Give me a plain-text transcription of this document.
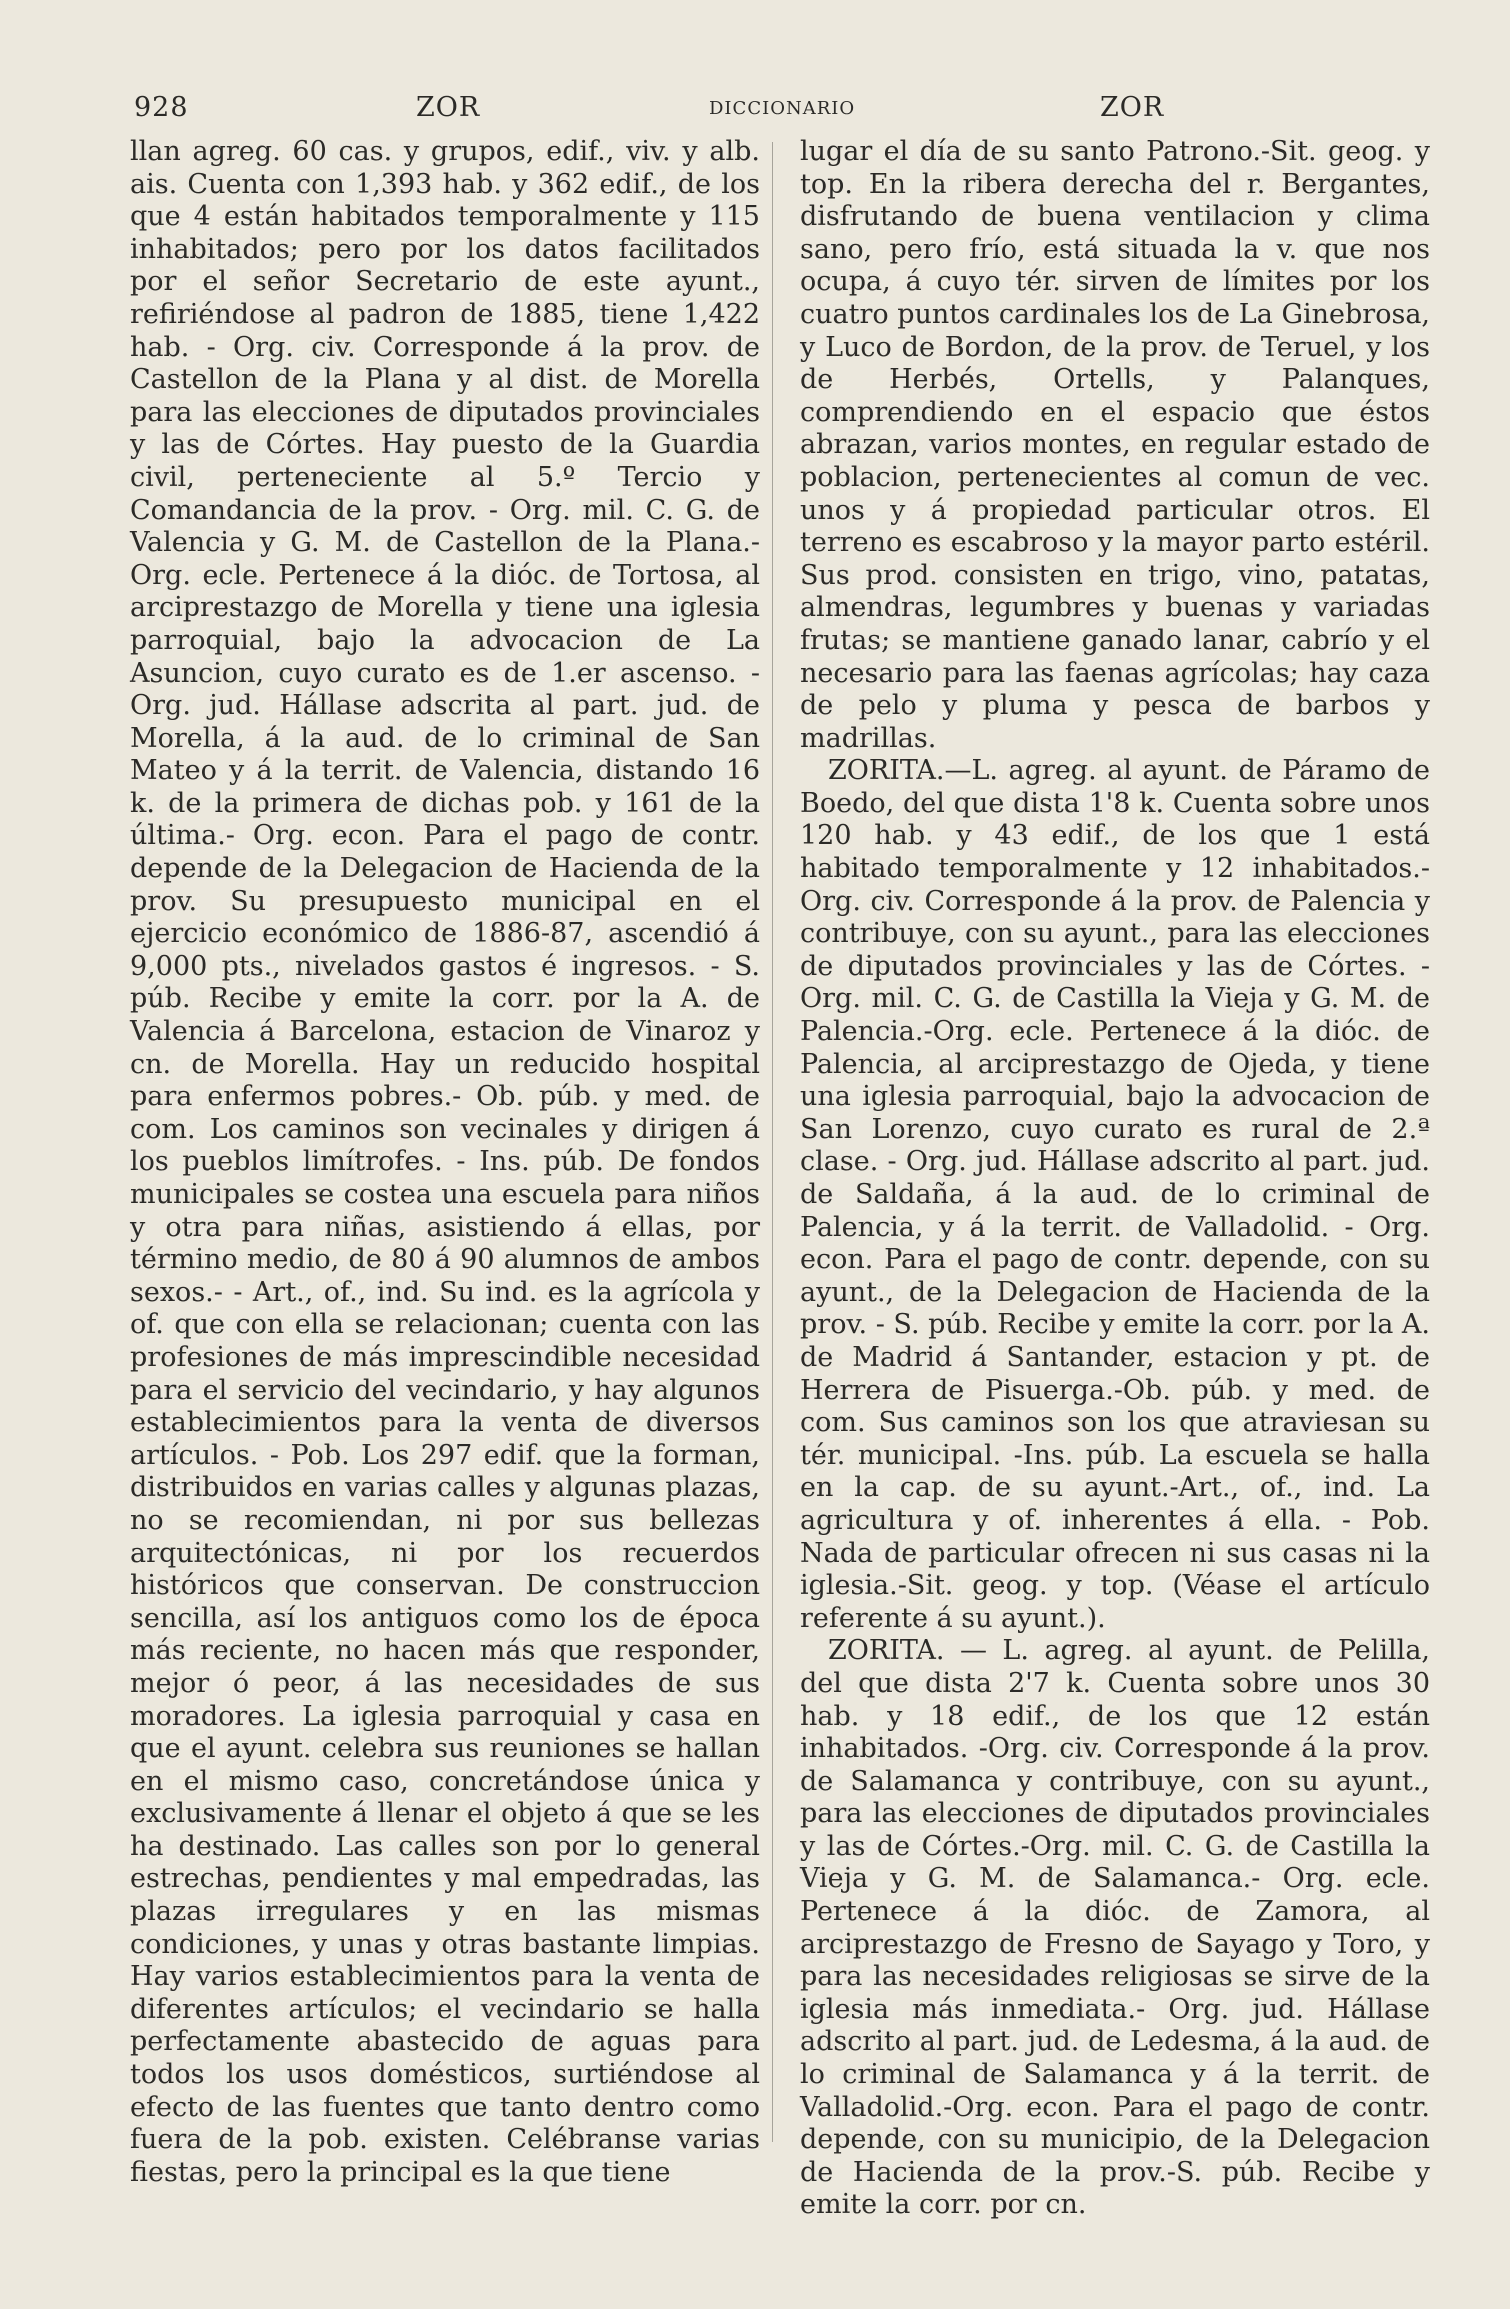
928	ZOR	DICCIONARIO	ZOR

llan agreg. 60 cas. y grupos, edif., viv. y alb. ais. Cuenta con 1,393 hab. y 362 edif., de los que 4 están habitados temporalmente y 115 inhabitados; pero por los datos facilitados por el señor Secretario de este ayunt., refiriéndose al padron de 1885, tiene 1,422 hab. - Org. civ. Corresponde á la prov. de Castellon de la Plana y al dist. de Morella para las elecciones de diputados provinciales y las de Córtes. Hay puesto de la Guardia civil, perteneciente al 5.º Tercio y Comandancia de la prov. - Org. mil. C. G. de Valencia y G. M. de Castellon de la Plana.-Org. ecle. Pertenece á la dióc. de Tortosa, al arciprestazgo de Morella y tiene una iglesia parroquial, bajo la advocacion de La Asuncion, cuyo curato es de 1.er ascenso. - Org. jud. Hállase adscrita al part. jud. de Morella, á la aud. de lo criminal de San Mateo y á la territ. de Valencia, distando 16 k. de la primera de dichas pob. y 161 de la última.- Org. econ. Para el pago de contr. depende de la Delegacion de Hacienda de la prov. Su presupuesto municipal en el ejercicio económico de 1886-87, ascendió á 9,000 pts., nivelados gastos é ingresos. - S. púb. Recibe y emite la corr. por la A. de Valencia á Barcelona, estacion de Vinaroz y cn. de Morella. Hay un reducido hospital para enfermos pobres.- Ob. púb. y med. de com. Los caminos son vecinales y dirigen á los pueblos limítrofes. - Ins. púb. De fondos municipales se costea una escuela para niños y otra para niñas, asistiendo á ellas, por término medio, de 80 á 90 alumnos de ambos sexos.- - Art., of., ind. Su ind. es la agrícola y of. que con ella se relacionan; cuenta con las profesiones de más imprescindible necesidad para el servicio del vecindario, y hay algunos establecimientos para la venta de diversos artículos. - Pob. Los 297 edif. que la forman, distribuidos en varias calles y algunas plazas, no se recomiendan, ni por sus bellezas arquitectónicas, ni por los recuerdos históricos que conservan. De construccion sencilla, así los antiguos como los de época más reciente, no hacen más que responder, mejor ó peor, á las necesidades de sus moradores. La iglesia parroquial y casa en que el ayunt. celebra sus reuniones se hallan en el mismo caso, concretándose única y exclusivamente á llenar el objeto á que se les ha destinado. Las calles son por lo general estrechas, pendientes y mal empedradas, las plazas irregulares y en las mismas condiciones, y unas y otras bastante limpias. Hay varios establecimientos para la venta de diferentes artículos; el vecindario se halla perfectamente abastecido de aguas para todos los usos domésticos, surtiéndose al efecto de las fuentes que tanto dentro como fuera de la pob. existen. Celébranse varias fiestas, pero la principal es la que tiene

lugar el día de su santo Patrono.-Sit. geog. y top. En la ribera derecha del r. Bergantes, disfrutando de buena ventilacion y clima sano, pero frío, está situada la v. que nos ocupa, á cuyo tér. sirven de límites por los cuatro puntos cardinales los de La Ginebrosa, y Luco de Bordon, de la prov. de Teruel, y los de Herbés, Ortells, y Palanques, comprendiendo en el espacio que éstos abrazan, varios montes, en regular estado de poblacion, pertenecientes al comun de vec. unos y á propiedad particular otros. El terreno es escabroso y la mayor parto estéril. Sus prod. consisten en trigo, vino, patatas, almendras, legumbres y buenas y variadas frutas; se mantiene ganado lanar, cabrío y el necesario para las faenas agrícolas; hay caza de pelo y pluma y pesca de barbos y madrillas.

ZORITA.—L. agreg. al ayunt. de Páramo de Boedo, del que dista 1'8 k. Cuenta sobre unos 120 hab. y 43 edif., de los que 1 está habitado temporalmente y 12 inhabitados.-Org. civ. Corresponde á la prov. de Palencia y contribuye, con su ayunt., para las elecciones de diputados provinciales y las de Córtes. - Org. mil. C. G. de Castilla la Vieja y G. M. de Palencia.-Org. ecle. Pertenece á la dióc. de Palencia, al arciprestazgo de Ojeda, y tiene una iglesia parroquial, bajo la advocacion de San Lorenzo, cuyo curato es rural de 2.ª clase. - Org. jud. Hállase adscrito al part. jud. de Saldaña, á la aud. de lo criminal de Palencia, y á la territ. de Valladolid. - Org. econ. Para el pago de contr. depende, con su ayunt., de la Delegacion de Hacienda de la prov. - S. púb. Recibe y emite la corr. por la A. de Madrid á Santander, estacion y pt. de Herrera de Pisuerga.-Ob. púb. y med. de com. Sus caminos son los que atraviesan su tér. municipal. -Ins. púb. La escuela se halla en la cap. de su ayunt.-Art., of., ind. La agricultura y of. inherentes á ella. - Pob. Nada de particular ofrecen ni sus casas ni la iglesia.-Sit. geog. y top. (Véase el artículo referente á su ayunt.).

ZORITA. — L. agreg. al ayunt. de Pelilla, del que dista 2'7 k. Cuenta sobre unos 30 hab. y 18 edif., de los que 12 están inhabitados. -Org. civ. Corresponde á la prov. de Salamanca y contribuye, con su ayunt., para las elecciones de diputados provinciales y las de Córtes.-Org. mil. C. G. de Castilla la Vieja y G. M. de Salamanca.- Org. ecle. Pertenece á la dióc. de Zamora, al arciprestazgo de Fresno de Sayago y Toro, y para las necesidades religiosas se sirve de la iglesia más inmediata.- Org. jud. Hállase adscrito al part. jud. de Ledesma, á la aud. de lo criminal de Salamanca y á la territ. de Valladolid.-Org. econ. Para el pago de contr. depende, con su municipio, de la Delegacion de Hacienda de la prov.-S. púb. Recibe y emite la corr. por cn.
